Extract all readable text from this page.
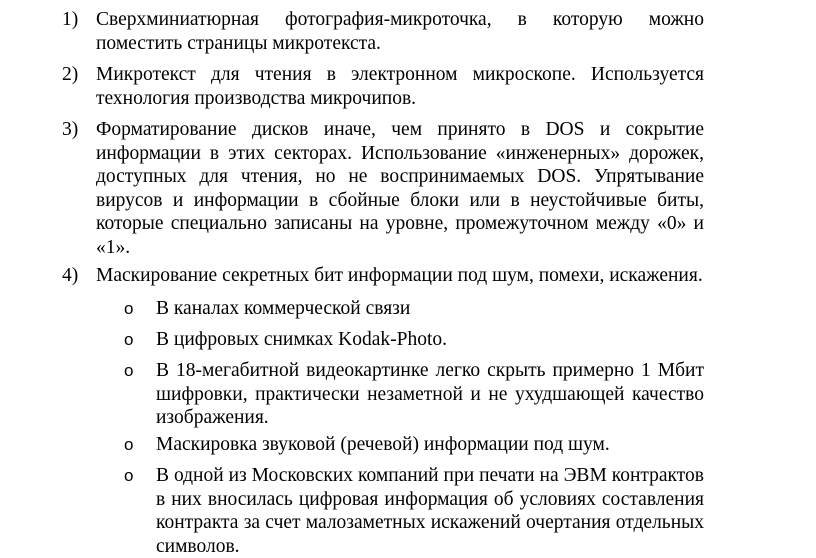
1) Сверхминиатюрная фотография-микроточка, в которую можно поместить страницы микротекста.
2) Микротекст для чтения в электронном микроскопе. Используется технология производства микрочипов.
3) Форматирование дисков иначе, чем принято в DOS и сокрытие информации в этих секторах. Использование «инженерных» дорожек, доступных для чтения, но не воспринимаемых DOS. Упрятывание вирусов и информации в сбойные блоки или в неустойчивые биты, которые специально записаны на уровне, промежуточном между «0» и «1».
4) Маскирование секретных бит информации под шум, помехи, искажения.
o В каналах коммерческой связи
o В цифровых снимках Kodak-Photo.
o В 18-мегабитной видеокартинке легко скрыть примерно 1 Мбит шифровки, практически незаметной и не ухудшающей качество изображения.
o Маскировка звуковой (речевой) информации под шум.
o В одной из Московских компаний при печати на ЭВМ контрактов в них вносилась цифровая информация об условиях составления контракта за счет малозаметных искажений очертания отдельных символов.
